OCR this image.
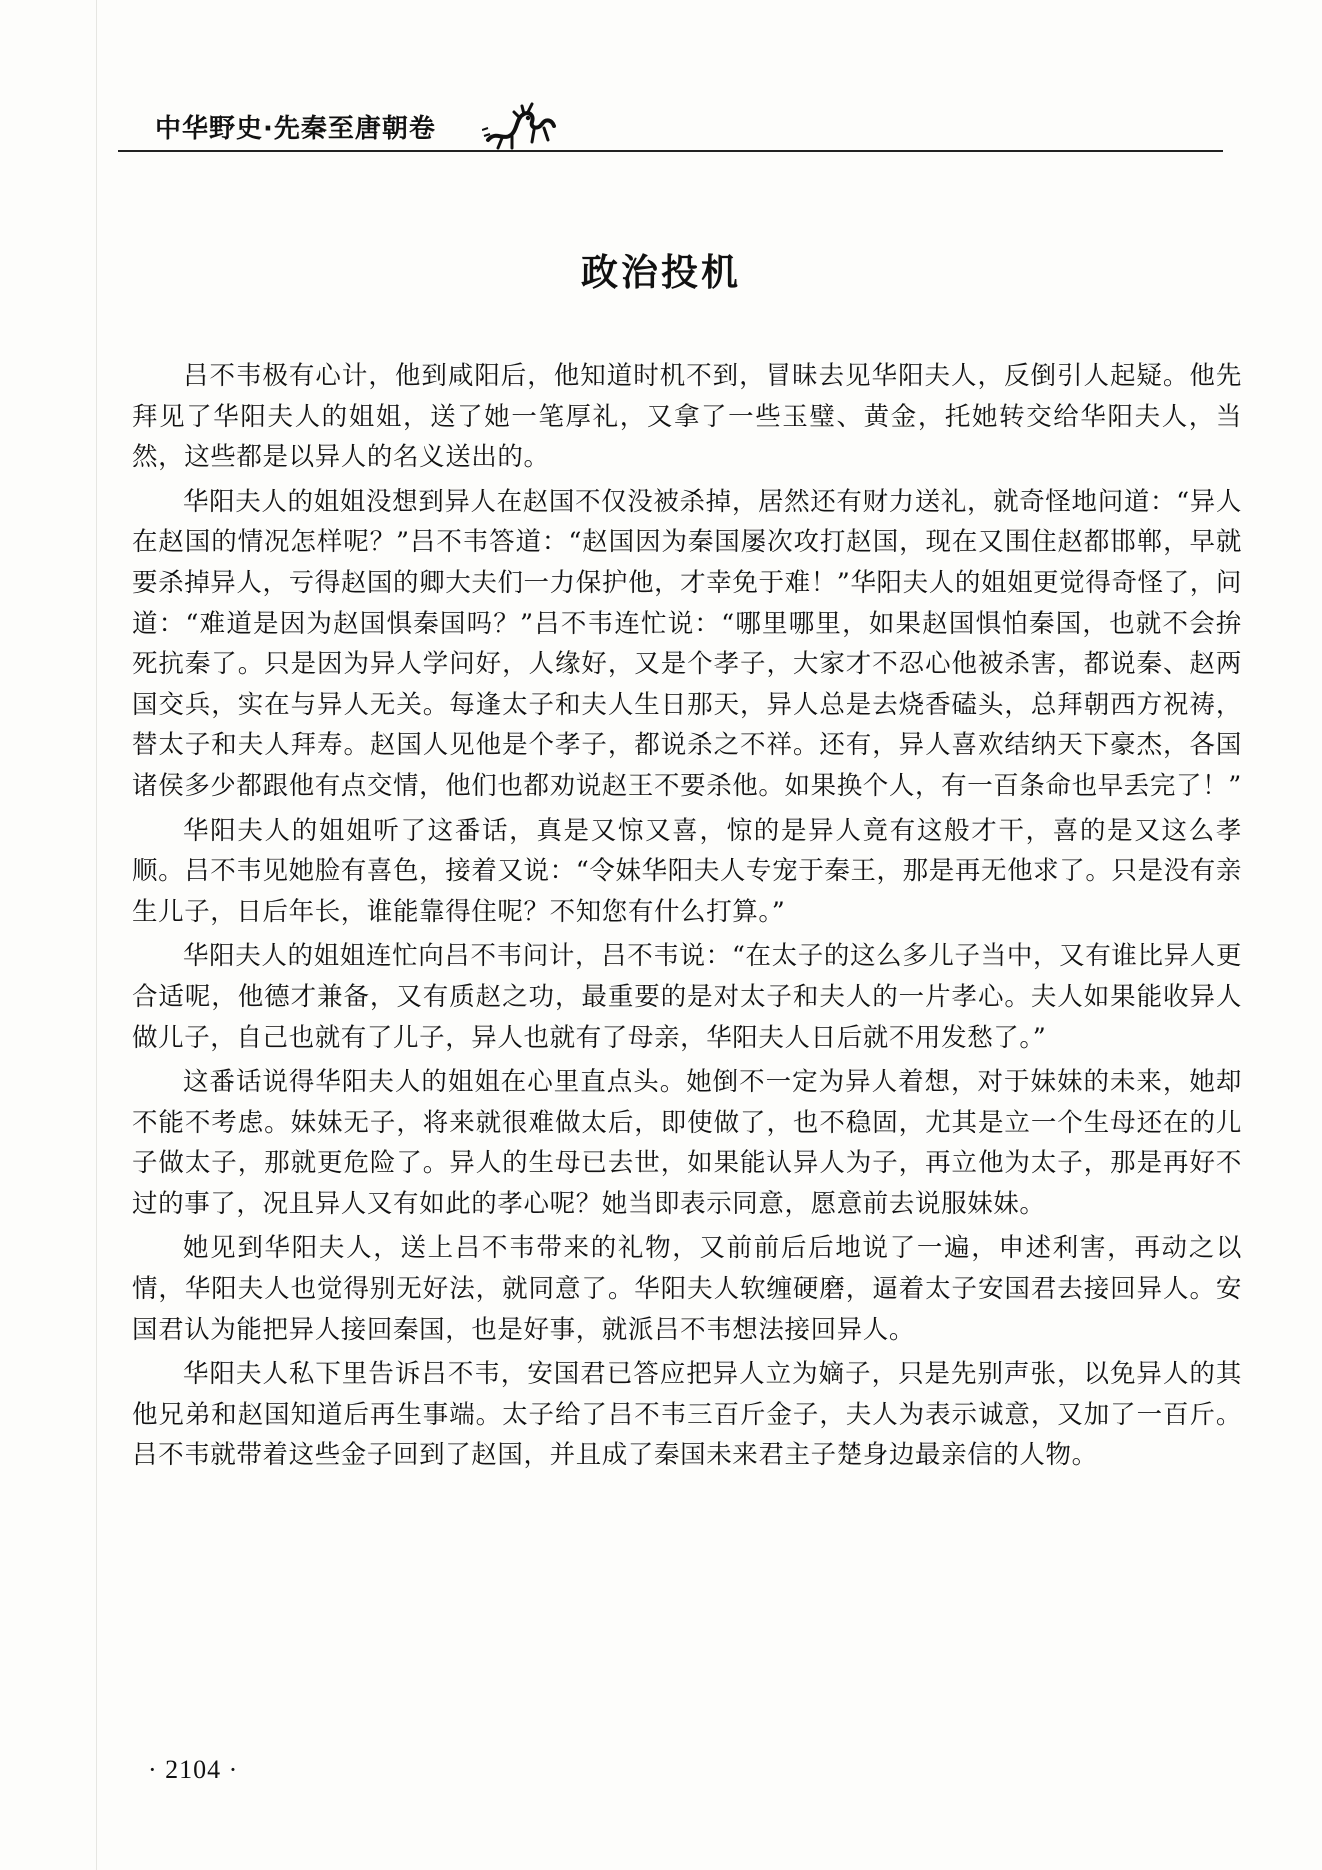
中华野史·先秦至唐朝卷
政治投机

吕不韦极有心计，他到咸阳后，他知道时机不到，冒昧去见华阳夫人，反倒引人起疑。他先拜见了华阳夫人的姐姐，送了她一笔厚礼，又拿了一些玉璧、黄金，托她转交给华阳夫人，当然，这些都是以异人的名义送出的。

华阳夫人的姐姐没想到异人在赵国不仅没被杀掉，居然还有财力送礼，就奇怪地问道：“异人在赵国的情况怎样呢？”吕不韦答道：“赵国因为秦国屡次攻打赵国，现在又围住赵都邯郸，早就要杀掉异人，亏得赵国的卿大夫们一力保护他，才幸免于难！”华阳夫人的姐姐更觉得奇怪了，问道：“难道是因为赵国惧秦国吗？”吕不韦连忙说：“哪里哪里，如果赵国惧怕秦国，也就不会拚死抗秦了。只是因为异人学问好，人缘好，又是个孝子，大家才不忍心他被杀害，都说秦、赵两国交兵，实在与异人无关。每逢太子和夫人生日那天，异人总是去烧香磕头，总拜朝西方祝祷，替太子和夫人拜寿。赵国人见他是个孝子，都说杀之不祥。还有，异人喜欢结纳天下豪杰，各国诸侯多少都跟他有点交情，他们也都劝说赵王不要杀他。如果换个人，有一百条命也早丢完了！”

华阳夫人的姐姐听了这番话，真是又惊又喜，惊的是异人竟有这般才干，喜的是又这么孝顺。吕不韦见她脸有喜色，接着又说：“令妹华阳夫人专宠于秦王，那是再无他求了。只是没有亲生儿子，日后年长，谁能靠得住呢？不知您有什么打算。”

华阳夫人的姐姐连忙向吕不韦问计，吕不韦说：“在太子的这么多儿子当中，又有谁比异人更合适呢，他德才兼备，又有质赵之功，最重要的是对太子和夫人的一片孝心。夫人如果能收异人做儿子，自己也就有了儿子，异人也就有了母亲，华阳夫人日后就不用发愁了。”

这番话说得华阳夫人的姐姐在心里直点头。她倒不一定为异人着想，对于妹妹的未来，她却不能不考虑。妹妹无子，将来就很难做太后，即使做了，也不稳固，尤其是立一个生母还在的儿子做太子，那就更危险了。异人的生母已去世，如果能认异人为子，再立他为太子，那是再好不过的事了，况且异人又有如此的孝心呢？她当即表示同意，愿意前去说服妹妹。

她见到华阳夫人，送上吕不韦带来的礼物，又前前后后地说了一遍，申述利害，再动之以情，华阳夫人也觉得别无好法，就同意了。华阳夫人软缠硬磨，逼着太子安国君去接回异人。安国君认为能把异人接回秦国，也是好事，就派吕不韦想法接回异人。

华阳夫人私下里告诉吕不韦，安国君已答应把异人立为嫡子，只是先别声张，以免异人的其他兄弟和赵国知道后再生事端。太子给了吕不韦三百斤金子，夫人为表示诚意，又加了一百斤。吕不韦就带着这些金子回到了赵国，并且成了秦国未来君主子楚身边最亲信的人物。

· 2104 ·
